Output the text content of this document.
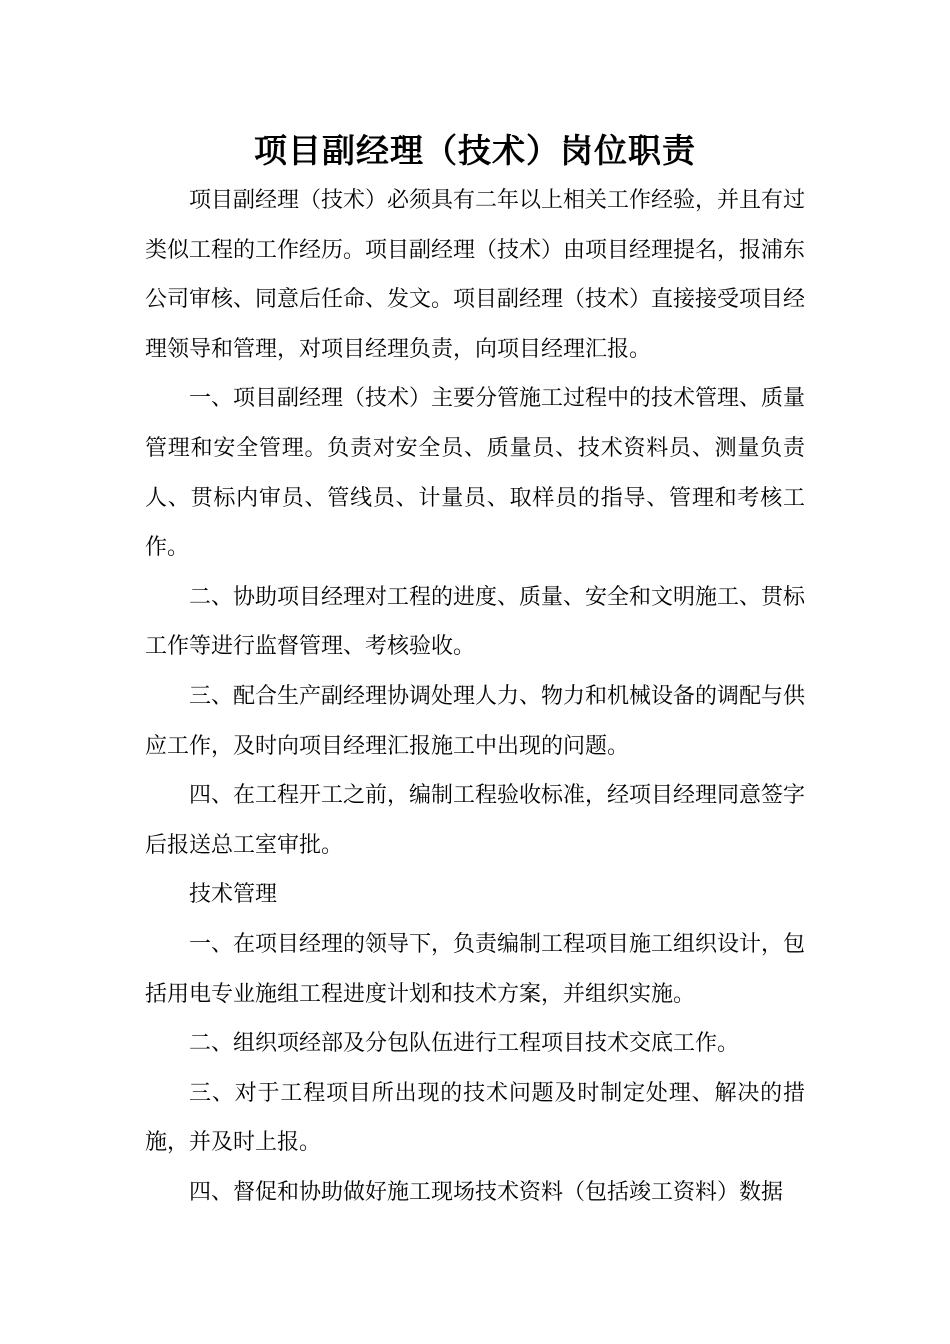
项目副经理（技术）岗位职责

项目副经理（技术）必须具有二年以上相关工作经验，并且有过类似工程的工作经历。项目副经理（技术）由项目经理提名，报浦东公司审核、同意后任命、发文。项目副经理（技术）直接接受项目经理领导和管理，对项目经理负责，向项目经理汇报。

一、项目副经理（技术）主要分管施工过程中的技术管理、质量管理和安全管理。负责对安全员、质量员、技术资料员、测量负责人、贯标内审员、管线员、计量员、取样员的指导、管理和考核工作。

二、协助项目经理对工程的进度、质量、安全和文明施工、贯标工作等进行监督管理、考核验收。

三、配合生产副经理协调处理人力、物力和机械设备的调配与供应工作，及时向项目经理汇报施工中出现的问题。

四、在工程开工之前，编制工程验收标准，经项目经理同意签字后报送总工室审批。

技术管理

一、在项目经理的领导下，负责编制工程项目施工组织设计，包括用电专业施组工程进度计划和技术方案，并组织实施。

二、组织项经部及分包队伍进行工程项目技术交底工作。

三、对于工程项目所出现的技术问题及时制定处理、解决的措施，并及时上报。

四、督促和协助做好施工现场技术资料（包括竣工资料）数据
